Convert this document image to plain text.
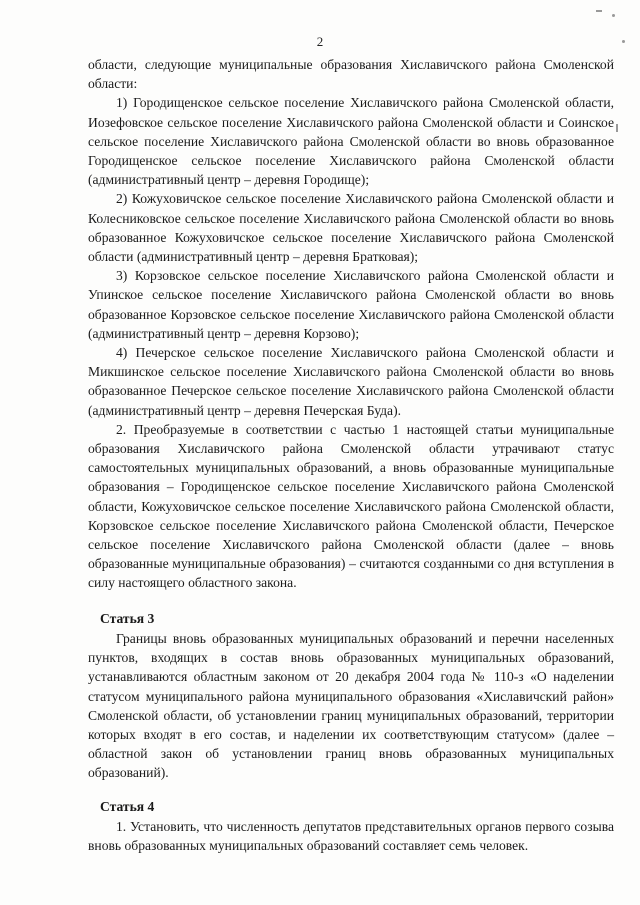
2

области, следующие муниципальные образования Хиславичского района Смоленской области:

1) Городищенское сельское поселение Хиславичского района Смоленской области, Иозефовское сельское поселение Хиславичского района Смоленской области и Соинское сельское поселение Хиславичского района Смоленской области во вновь образованное Городищенское сельское поселение Хиславичского района Смоленской области (административный центр – деревня Городище);

2) Кожуховичское сельское поселение Хиславичского района Смоленской области и Колесниковское сельское поселение Хиславичского района Смоленской области во вновь образованное Кожуховичское сельское поселение Хиславичского района Смоленской области (административный центр – деревня Братковая);

3) Корзовское сельское поселение Хиславичского района Смоленской области и Упинское сельское поселение Хиславичского района Смоленской области во вновь образованное Корзовское сельское поселение Хиславичского района Смоленской области (административный центр – деревня Корзово);

4) Печерское сельское поселение Хиславичского района Смоленской области и Микшинское сельское поселение Хиславичского района Смоленской области во вновь образованное Печерское сельское поселение Хиславичского района Смоленской области (административный центр – деревня Печерская Буда).

2. Преобразуемые в соответствии с частью 1 настоящей статьи муниципальные образования Хиславичского района Смоленской области утрачивают статус самостоятельных муниципальных образований, а вновь образованные муниципальные образования – Городищенское сельское поселение Хиславичского района Смоленской области, Кожуховичское сельское поселение Хиславичского района Смоленской области, Корзовское сельское поселение Хиславичского района Смоленской области, Печерское сельское поселение Хиславичского района Смоленской области (далее – вновь образованные муниципальные образования) – считаются созданными со дня вступления в силу настоящего областного закона.

Статья 3

Границы вновь образованных муниципальных образований и перечни населенных пунктов, входящих в состав вновь образованных муниципальных образований, устанавливаются областным законом от 20 декабря 2004 года № 110-з «О наделении статусом муниципального района муниципального образования «Хиславичский район» Смоленской области, об установлении границ муниципальных образований, территории которых входят в его состав, и наделении их соответствующим статусом» (далее – областной закон об установлении границ вновь образованных муниципальных образований).

Статья 4

1. Установить, что численность депутатов представительных органов первого созыва вновь образованных муниципальных образований составляет семь человек.
